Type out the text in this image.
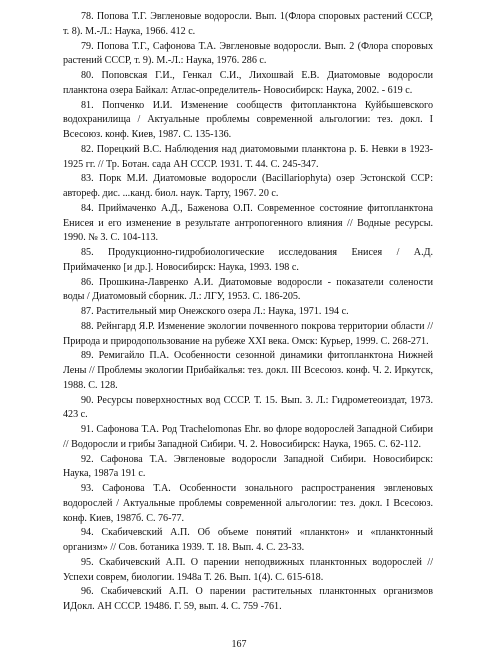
78. Попова Т.Г. Эвгленовые водоросли. Вып. 1(Флора споровых растений СССР, т. 8). М.-Л.: Наука, 1966. 412 с.

79. Попова Т.Г., Сафонова Т.А. Эвгленовые водоросли. Вып. 2 (Флора споровых растений СССР, т. 9). М.-Л.: Наука, 1976. 286 с.

80. Поповская Г.И., Генкал С.И., Лихошвай Е.В. Диатомовые водоросли планктона озера Байкал: Атлас-определитель- Новосибирск: Наука, 2002. - 619 с.

81. Попченко И.И. Изменение сообществ фитопланктона Куйбышевского водохранилища / Актуальные проблемы современной альгологии: тез. докл. I Всесоюз. конф. Киев, 1987. С. 135-136.

82. Порецкий В.С. Наблюдения над диатомовыми планктона р. Б. Невки в 1923-1925 гг. // Тр. Ботан. сада АН СССР. 1931. Т. 44. С. 245-347.

83. Порк М.И. Диатомовые водоросли (Bacillariophyta) озер Эстонской ССР: автореф. дис. ...канд. биол. наук. Тарту, 1967. 20 с.

84. Приймаченко А.Д., Баженова О.П. Современное состояние фитопланктона Енисея и его изменение в результате антропогенного влияния // Водные ресурсы. 1990. № 3. С. 104-113.

85. Продукционно-гидробиологические исследования Енисея / А.Д. Приймаченко [и др.]. Новосибирск: Наука, 1993. 198 с.

86. Прошкина-Лавренко А.И. Диатомовые водоросли - показатели солености воды / Диатомовый сборник. Л.: ЛГУ, 1953. С. 186-205.

87. Растительный мир Онежского озера Л.: Наука, 1971. 194 с.

88. Рейнгард Я.Р. Изменение экологии почвенного покрова территории области // Природа и природопользование на рубеже XXI века. Омск: Курьер, 1999. С. 268-271.

89. Ремигайло П.А. Особенности сезонной динамики фитопланктона Нижней Лены // Проблемы экологии Прибайкалья: тез. докл. III Всесоюз. конф. Ч. 2. Иркутск, 1988. С. 128.

90. Ресурсы поверхностных вод СССР. Т. 15. Вып. 3. Л.: Гидрометеоиздат, 1973. 423 с.

91. Сафонова Т.А. Род Trachelomonas Ehr. во флоре водорослей Западной Сибири // Водоросли и грибы Западной Сибири. Ч. 2. Новосибирск: Наука, 1965. С. 62-112.

92. Сафонова Т.А. Эвгленовые водоросли Западной Сибири. Новосибирск: Наука, 1987а 191 с.

93. Сафонова Т.А. Особенности зонального распространения эвгленовых водорослей / Актуальные проблемы современной альгологии: тез. докл. I Всесоюз. конф. Киев, 1987б. С. 76-77.

94. Скабичевский А.П. Об объеме понятий «планктон» и «планктонный организм» // Сов. ботаника 1939. Т. 18. Вып. 4. С. 23-33.

95. Скабичевский А.П. О парении неподвижных планктонных водорослей // Успехи соврем, биологии. 1948а Т. 26. Вып. 1(4). С. 615-618.

96. Скабичевский А.П. О парении растительных планктонных организмов ИДокл. АН СССР. 19486. Г. 59, вып. 4. С. 759 -761.

167
